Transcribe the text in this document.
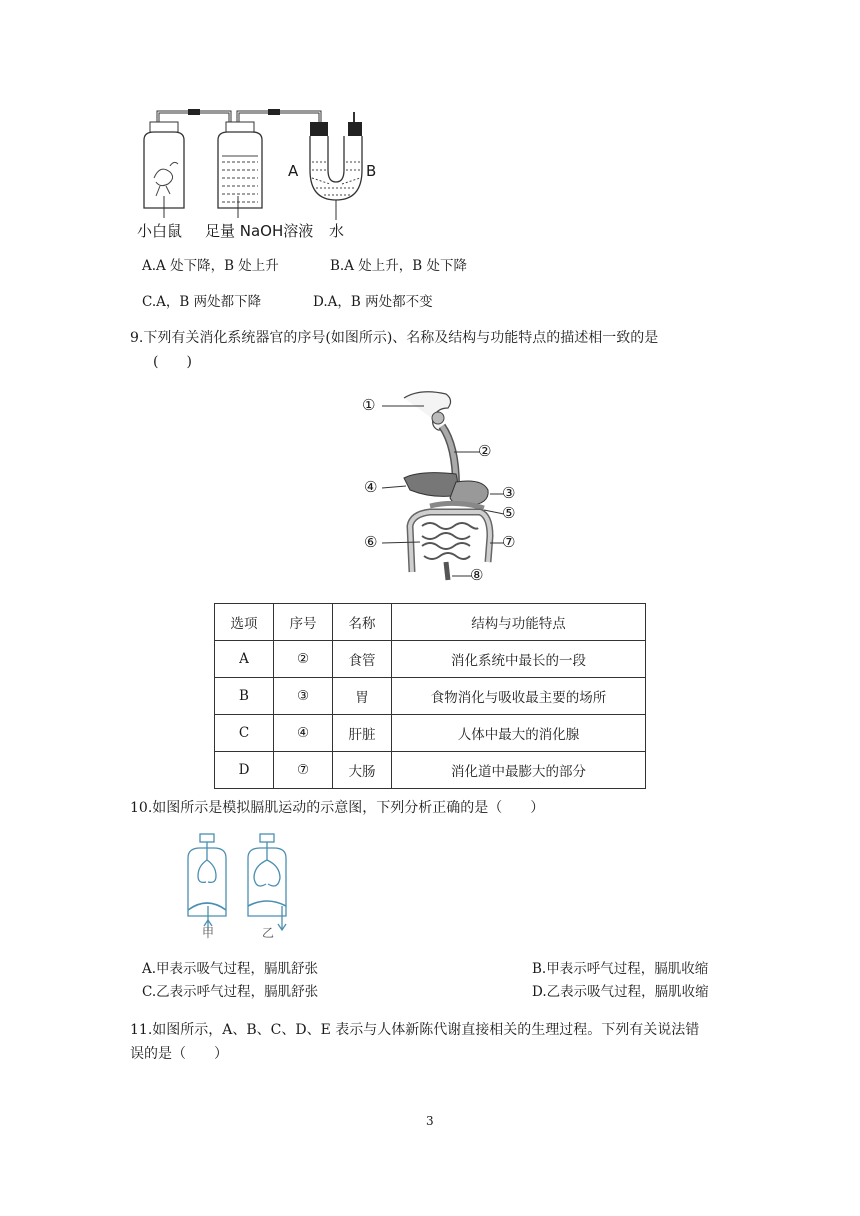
A	B
小白鼠 足量 NaOH溶液 水
A.A 处下降，B 处上升	B.A 处上升，B 处下降
C.A，B 两处都下降	D.A，B 两处都不变
9.下列有关消化系统器官的序号(如图所示)、名称及结构与功能特点的描述相一致的是
(　　)
①
②
③
④
⑤
⑥	⑦
⑧
选项	序号	名称	结构与功能特点
A	②	食管	消化系统中最长的一段
B	③	胃	食物消化与吸收最主要的场所
C	④	肝脏	人体中最大的消化腺
D	⑦	大肠	消化道中最膨大的部分
10.如图所示是模拟膈肌运动的示意图，下列分析正确的是（　　）
甲	乙
A.甲表示吸气过程，膈肌舒张	B.甲表示呼气过程，膈肌收缩
C.乙表示呼气过程，膈肌舒张	D.乙表示吸气过程，膈肌收缩
11.如图所示，A、B、C、D、E 表示与人体新陈代谢直接相关的生理过程。下列有关说法错
误的是（　　）
3
